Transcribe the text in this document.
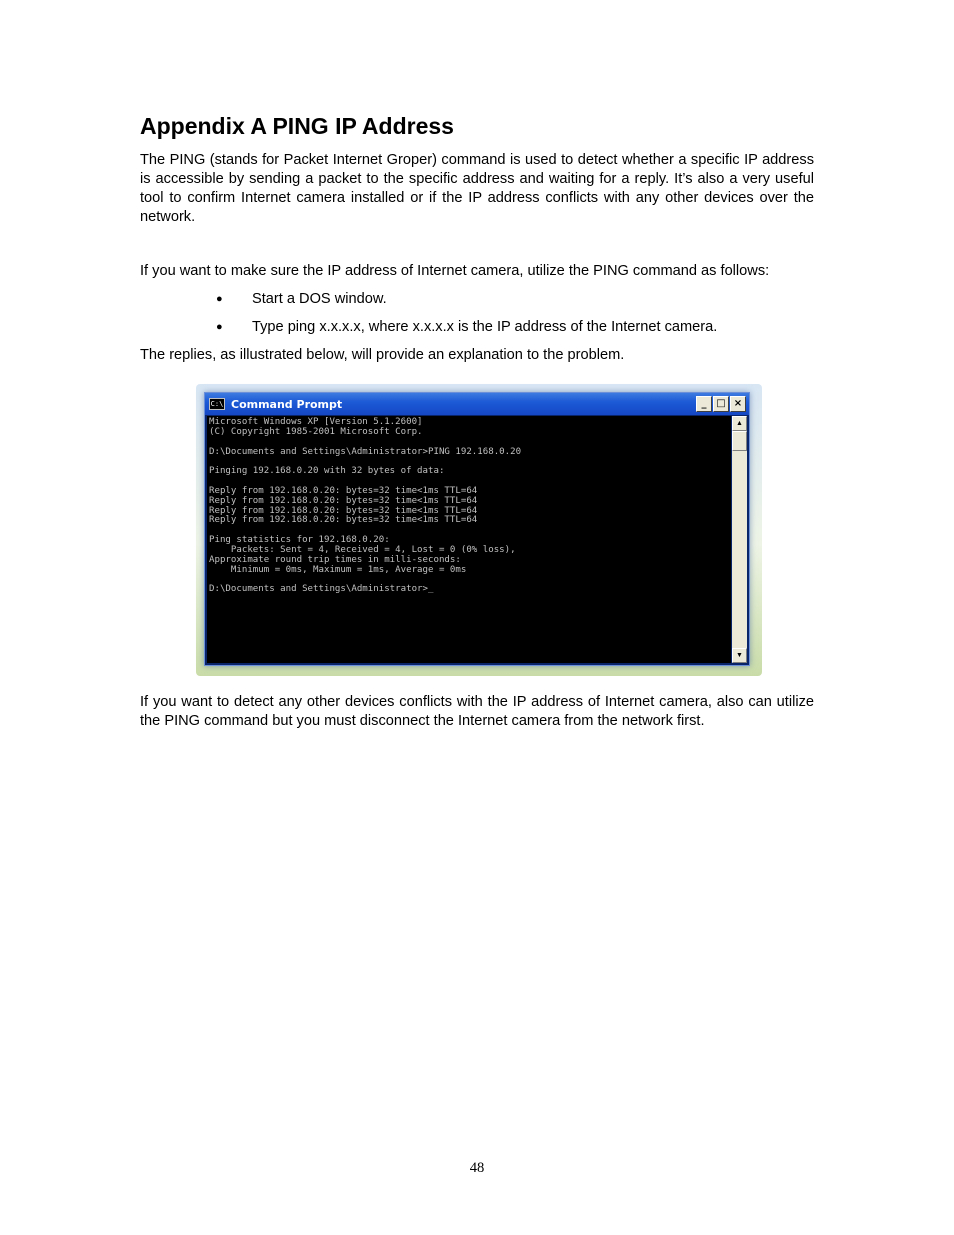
Appendix A PING IP Address

The PING (stands for Packet Internet Groper) command is used to detect whether a specific IP address is accessible by sending a packet to the specific address and waiting for a reply. It’s also a very useful tool to confirm Internet camera installed or if the IP address conflicts with any other devices over the network.

If you want to make sure the IP address of Internet camera, utilize the PING command as follows:

●	Start a DOS window.
●	Type ping x.x.x.x, where x.x.x.x is the IP address of the Internet camera.

The replies, as illustrated below, will provide an explanation to the problem.

C:\ Command Prompt	_ □ ×
Microsoft Windows XP [Version 5.1.2600]
(C) Copyright 1985-2001 Microsoft Corp.

D:\Documents and Settings\Administrator>PING 192.168.0.20

Pinging 192.168.0.20 with 32 bytes of data:

Reply from 192.168.0.20: bytes=32 time<1ms TTL=64
Reply from 192.168.0.20: bytes=32 time<1ms TTL=64
Reply from 192.168.0.20: bytes=32 time<1ms TTL=64
Reply from 192.168.0.20: bytes=32 time<1ms TTL=64

Ping statistics for 192.168.0.20:
Packets: Sent = 4, Received = 4, Lost = 0 (0% loss),
Approximate round trip times in milli-seconds:
Minimum = 0ms, Maximum = 1ms, Average = 0ms

D:\Documents and Settings\Administrator>_
▲
▼

If you want to detect any other devices conflicts with the IP address of Internet camera, also can utilize the PING command but you must disconnect the Internet camera from the network first.

48
